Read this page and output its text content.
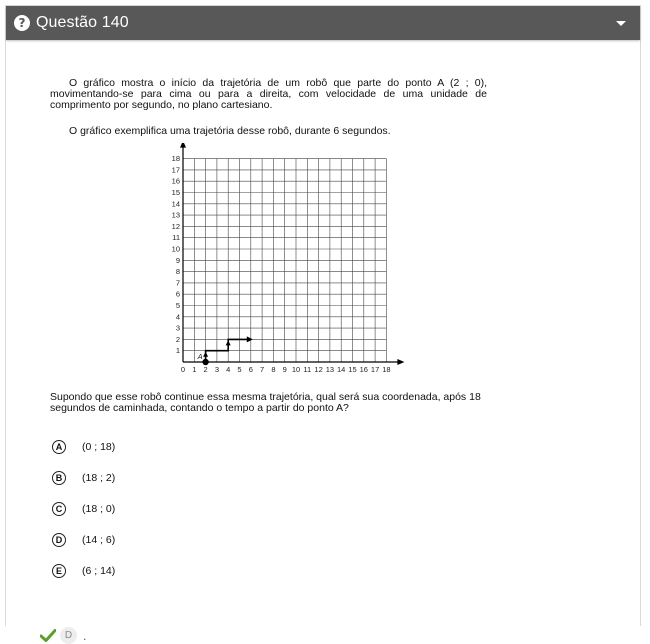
? Questão 140
O gráfico mostra o início da trajetória de um robô que parte do ponto A (2 ; 0), movimentando-se para cima ou para a direita, com velocidade de uma unidade de comprimento por segundo, no plano cartesiano.
O gráfico exemplifica uma trajetória desse robô, durante 6 segundos.
0 1 2 3 4 5 6 7 8 9 10 11 12 13 14 15 16 17 18
1
2
3
4
5
6
7
8
9
10
11
12
13
14
15
16
17
18
A
Supondo que esse robô continue essa mesma trajetória, qual será sua coordenada, após 18 segundos de caminhada, contando o tempo a partir do ponto A?
A	(0 ; 18)
B	(18 ; 2)
C	(18 ; 0)
D	(14 ; 6)
E	(6 ; 14)
D .
